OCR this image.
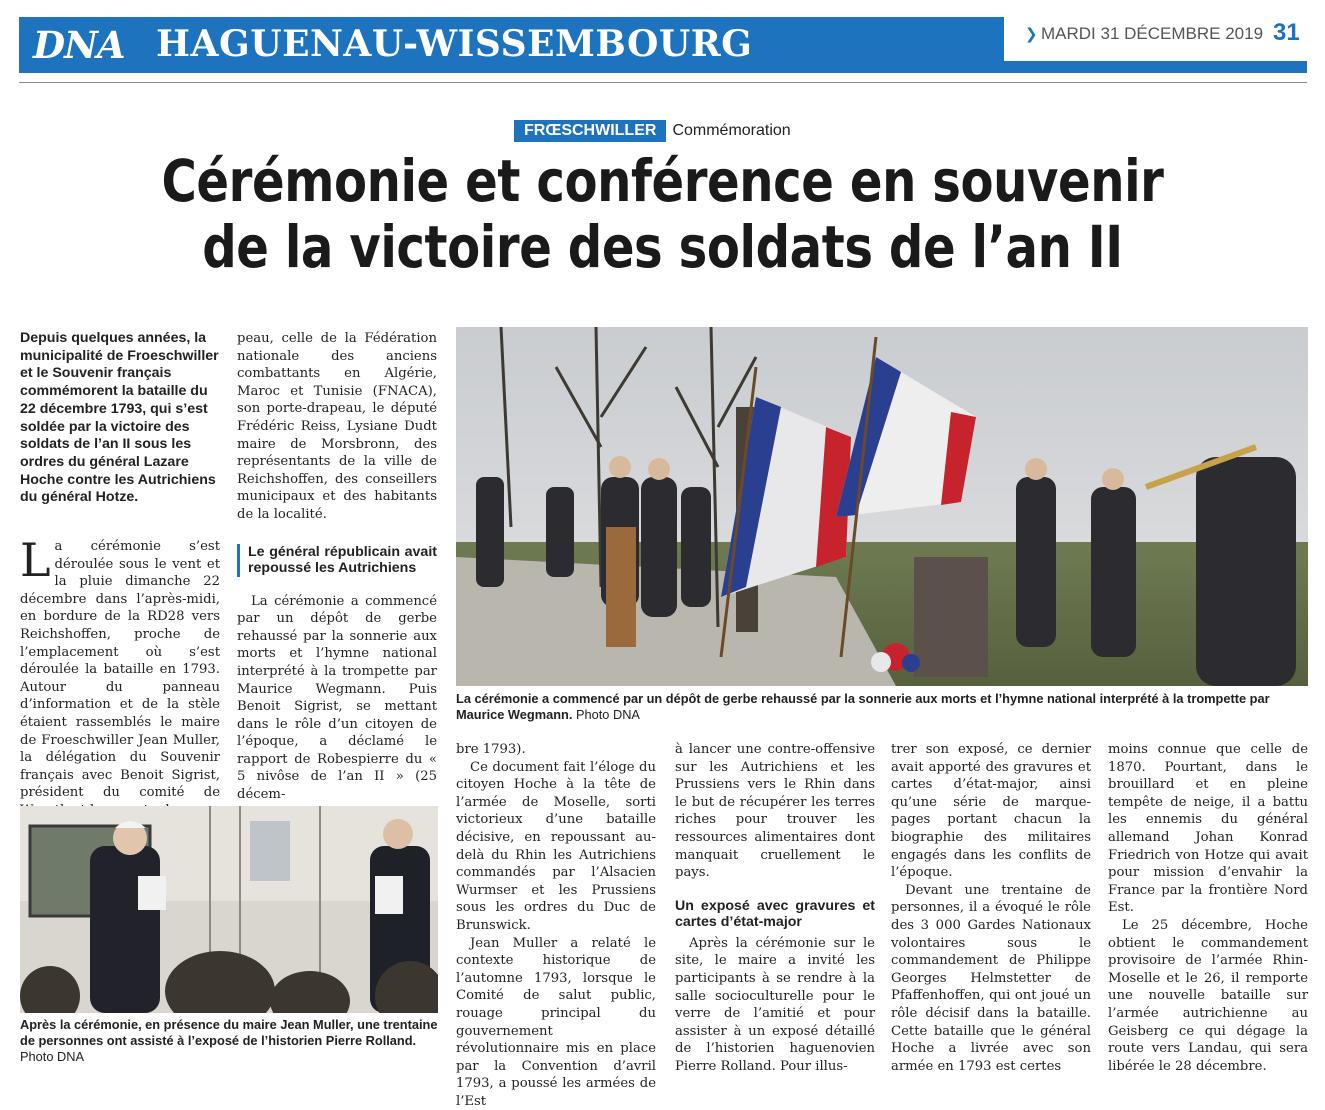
DNA HAGUENAU-WISSEMBOURG	❯ MARDI 31 DÉCEMBRE 2019 31
FRŒSCHWILLER Commémoration
Cérémonie et conférence en souvenir
de la victoire des soldats de l’an II
Depuis quelques années, la municipalité de Froeschwiller et le Souvenir français commémorent la bataille du 22 décembre 1793, qui s’est soldée par la victoire des soldats de l’an II sous les ordres du général Lazare Hoche contre les Autrichiens du général Hotze.

La cérémonie s’est déroulée sous le vent et la pluie dimanche 22 décembre dans l’après-midi, en bordure de la RD28 vers Reichshoffen, proche de l’emplacement où s’est déroulée la bataille en 1793. Autour du panneau d’information et de la stèle étaient rassemblés le maire de Froeschwiller Jean Muller, la délégation du Souvenir français avec Benoit Sigrist, président du comité de

peau, celle de la Fédération nationale des anciens combattants en Algérie, Maroc et Tunisie (FNACA), son porte-drapeau, le député Frédéric Reiss, Lysiane Dudt maire de Morsbronn, des représentants de la ville de Reichshoffen, des conseillers municipaux et des habitants de la localité.

Le général républicain avait repoussé les Autrichiens

La cérémonie a commencé par un dépôt de gerbe rehaussé par la sonnerie aux morts et l’hymne national interprété à la trompette par Maurice Wegmann. Puis Benoit Sigrist, se mettant dans le rôle d’un citoyen de l’époque, a déclamé le rapport de Robespierre du « 5 nivôse de l’an II » (25 décem-

La cérémonie a commencé par un dépôt de gerbe rehaussé par la sonnerie aux morts et l’hymne national interprété à la trompette par Maurice Wegmann. Photo DNA
Après la cérémonie, en présence du maire Jean Muller, une trentaine de personnes ont assisté à l’exposé de l’historien Pierre Rolland. Photo DNA

bre 1793).

Ce document fait l’éloge du citoyen Hoche à la tête de l’armée de Moselle, sorti victorieux d’une bataille décisive, en repoussant au-delà du Rhin les Autrichiens commandés par l’Alsacien Wurmser et les Prussiens sous les ordres du Duc de Brunswick.

Jean Muller a relaté le contexte historique de l’automne 1793, lorsque le Comité de salut public, rouage principal du gouvernement révolutionnaire mis en place par la Convention d’avril 1793, a poussé les armées de l’Est

à lancer une contre-offensive sur les Autrichiens et les Prussiens vers le Rhin dans le but de récupérer les terres riches pour trouver les ressources alimentaires dont manquait cruellement le pays.

Un exposé avec gravures et cartes d’état-major

Après la cérémonie sur le site, le maire a invité les participants à se rendre à la salle socioculturelle pour le verre de l’amitié et pour assister à un exposé détaillé de l’historien haguenovien Pierre Rolland. Pour illus-

trer son exposé, ce dernier avait apporté des gravures et cartes d’état-major, ainsi qu’une série de marque-pages portant chacun la biographie des militaires engagés dans les conflits de l’époque.

Devant une trentaine de personnes, il a évoqué le rôle des 3 000 Gardes Nationaux volontaires sous le commandement de Philippe Georges Helmstetter de Pfaffenhoffen, qui ont joué un rôle décisif dans la bataille. Cette bataille que le général Hoche a livrée avec son armée en 1793 est certes

moins connue que celle de 1870. Pourtant, dans le brouillard et en pleine tempête de neige, il a battu les ennemis du général allemand Johan Konrad Friedrich von Hotze qui avait pour mission d’envahir la France par la frontière Nord Est.

Le 25 décembre, Hoche obtient le commandement provisoire de l’armée Rhin-Moselle et le 26, il remporte une nouvelle bataille sur l’armée autrichienne au Geisberg ce qui dégage la route vers Landau, qui sera libérée le 28 décembre.
